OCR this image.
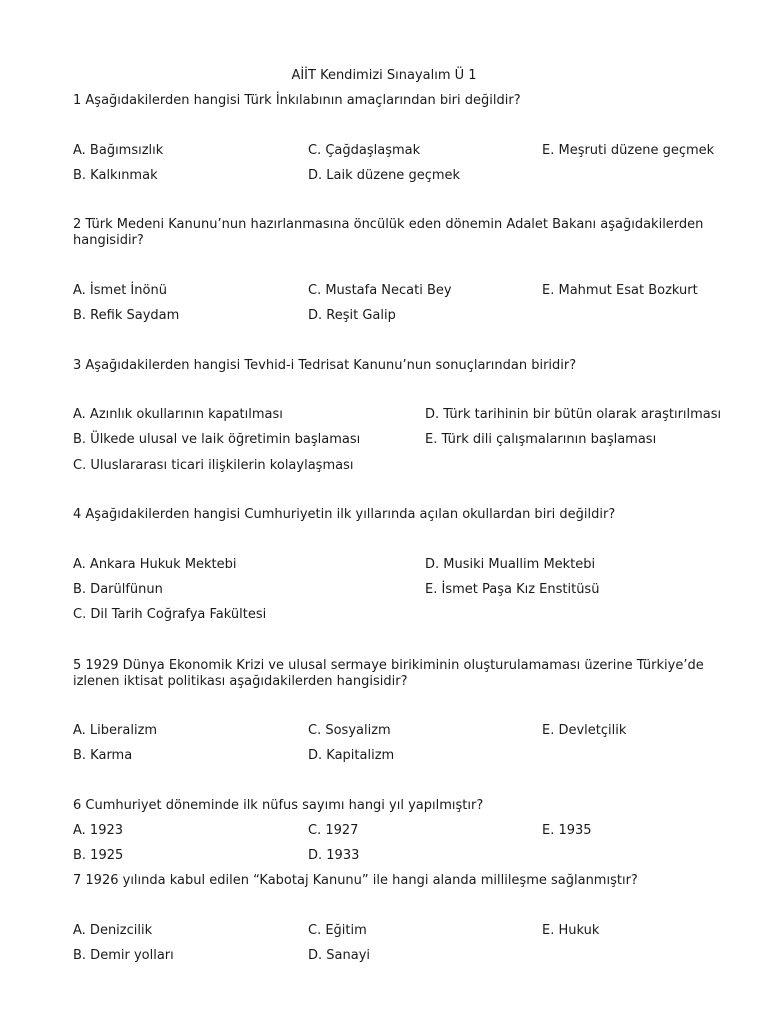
AİİT Kendimizi Sınayalım Ü 1
1 Aşağıdakilerden hangisi Türk İnkılabının amaçlarından biri değildir?
A. Bağımsızlık	C. Çağdaşlaşmak	E. Meşruti düzene geçmek
B. Kalkınmak	D. Laik düzene geçmek
2 Türk Medeni Kanunu’nun hazırlanmasına öncülük eden dönemin Adalet Bakanı aşağıdakilerden hangisidir?
A. İsmet İnönü	C. Mustafa Necati Bey	E. Mahmut Esat Bozkurt
B. Refik Saydam	D. Reşit Galip
3 Aşağıdakilerden hangisi Tevhid-i Tedrisat Kanunu’nun sonuçlarından biridir?
A. Azınlık okullarının kapatılması	D. Türk tarihinin bir bütün olarak araştırılması
B. Ülkede ulusal ve laik öğretimin başlaması	E. Türk dili çalışmalarının başlaması
C. Uluslararası ticari ilişkilerin kolaylaşması
4 Aşağıdakilerden hangisi Cumhuriyetin ilk yıllarında açılan okullardan biri değildir?
A. Ankara Hukuk Mektebi	D. Musiki Muallim Mektebi
B. Darülfünun	E. İsmet Paşa Kız Enstitüsü
C. Dil Tarih Coğrafya Fakültesi
5 1929 Dünya Ekonomik Krizi ve ulusal sermaye birikiminin oluşturulamaması üzerine Türkiye’de izlenen iktisat politikası aşağıdakilerden hangisidir?
A. Liberalizm	C. Sosyalizm	E. Devletçilik
B. Karma	D. Kapitalizm
6 Cumhuriyet döneminde ilk nüfus sayımı hangi yıl yapılmıştır?
A. 1923	C. 1927	E. 1935
B. 1925	D. 1933
7 1926 yılında kabul edilen “Kabotaj Kanunu” ile hangi alanda millileşme sağlanmıştır?
A. Denizcilik	C. Eğitim	E. Hukuk
B. Demir yolları	D. Sanayi
